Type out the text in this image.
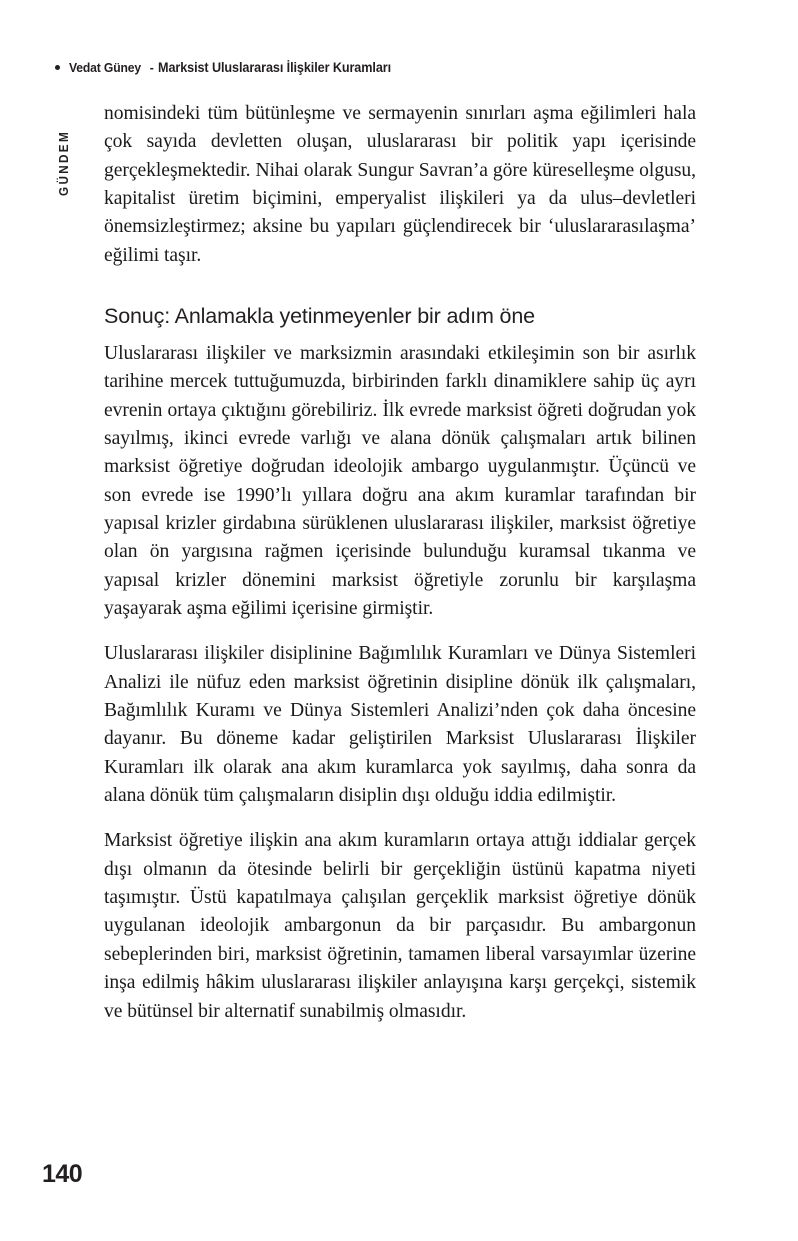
Vedat Güney - Marksist Uluslararası İlişkiler Kuramları
GÜNDEM

nomisindeki tüm bütünleşme ve sermayenin sınırları aşma eğilimleri hala çok sayıda devletten oluşan, uluslararası bir politik yapı içerisinde gerçekleşmektedir. Nihai olarak Sungur Savran’a göre küreselleşme olgusu, kapitalist üretim biçimini, emperyalist ilişkileri ya da ulus–devletleri önemsizleştirmez; aksine bu yapıları güçlendirecek bir ‘uluslararasılaşma’ eğilimi taşır.

Sonuç: Anlamakla yetinmeyenler bir adım öne

Uluslararası ilişkiler ve marksizmin arasındaki etkileşimin son bir asırlık tarihine mercek tuttuğumuzda, birbirinden farklı dinamiklere sahip üç ayrı evrenin ortaya çıktığını görebiliriz. İlk evrede marksist öğreti doğrudan yok sayılmış, ikinci evrede varlığı ve alana dönük çalışmaları artık bilinen marksist öğretiye doğrudan ideolojik ambargo uygulanmıştır. Üçüncü ve son evrede ise 1990’lı yıllara doğru ana akım kuramlar tarafından bir yapısal krizler girdabına sürüklenen uluslararası ilişkiler, marksist öğretiye olan ön yargısına rağmen içerisinde bulunduğu kuramsal tıkanma ve yapısal krizler dönemini marksist öğretiyle zorunlu bir karşılaşma yaşayarak aşma eğilimi içerisine girmiştir.

Uluslararası ilişkiler disiplinine Bağımlılık Kuramları ve Dünya Sistemleri Analizi ile nüfuz eden marksist öğretinin disipline dönük ilk çalışmaları, Bağımlılık Kuramı ve Dünya Sistemleri Analizi’nden çok daha öncesine dayanır. Bu döneme kadar geliştirilen Marksist Uluslararası İlişkiler Kuramları ilk olarak ana akım kuramlarca yok sayılmış, daha sonra da alana dönük tüm çalışmaların disiplin dışı olduğu iddia edilmiştir.

Marksist öğretiye ilişkin ana akım kuramların ortaya attığı iddialar gerçek dışı olmanın da ötesinde belirli bir gerçekliğin üstünü kapatma niyeti taşımıştır. Üstü kapatılmaya çalışılan gerçeklik marksist öğretiye dönük uygulanan ideolojik ambargonun da bir parçasıdır. Bu ambargonun sebeplerinden biri, marksist öğretinin, tamamen liberal varsayımlar üzerine inşa edilmiş hâkim uluslararası ilişkiler anlayışına karşı gerçekçi, sistemik ve bütünsel bir alternatif sunabilmiş olmasıdır.

140
